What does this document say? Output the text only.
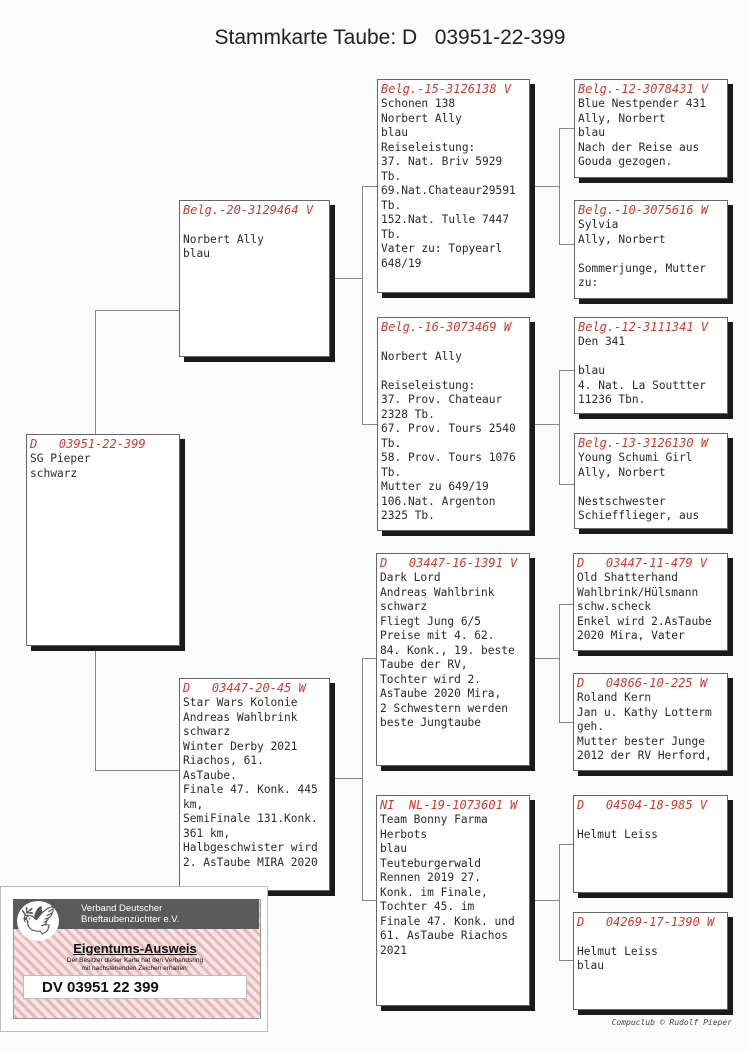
Stammkarte Taube: D   03951-22-399
D   03951-22-399
SG Pieper
schwarz
Belg.-20-3129464 V

Norbert Ally
blau
D   03447-20-45 W
Star Wars Kolonie
Andreas Wahlbrink
schwarz
Winter Derby 2021
Riachos, 61.
AsTaube.
Finale 47. Konk. 445
km,
SemiFinale 131.Konk.
361 km,
Halbgeschwister wird
2. AsTaube MIRA 2020
Belg.-15-3126138 V
Schonen 138
Norbert Ally
blau
Reiseleistung:
37. Nat. Briv 5929
Tb.
69.Nat.Chateaur29591
Tb.
152.Nat. Tulle 7447
Tb.
Vater zu: Topyearl
648/19
Belg.-16-3073469 W

Norbert Ally

Reiseleistung:
37. Prov. Chateaur
2328 Tb.
67. Prov. Tours 2540
Tb.
58. Prov. Tours 1076
Tb.
Mutter zu 649/19
106.Nat. Argenton
2325 Tb.
D   03447-16-1391 V
Dark Lord
Andreas Wahlbrink
schwarz
Fliegt Jung 6/5
Preise mit 4. 62.
84. Konk., 19. beste
Taube der RV,
Tochter wird 2.
AsTaube 2020 Mira,
2 Schwestern werden
beste Jungtaube
NI  NL-19-1073601 W
Team Bonny Farma
Herbots
blau
Teuteburgerwald
Rennen 2019 27.
Konk. im Finale,
Tochter 45. im
Finale 47. Konk. und
61. AsTaube Riachos
2021
Belg.-12-3078431 V
Blue Nestpender 431
Ally, Norbert
blau
Nach der Reise aus
Gouda gezogen.
Belg.-10-3075616 W
Sylvia
Ally, Norbert

Sommerjunge, Mutter
zu:
Belg.-12-3111341 V
Den 341

blau
4. Nat. La Souttter
11236 Tbn.
Belg.-13-3126130 W
Young Schumi Girl
Ally, Norbert

Nestschwester
Schiefflieger, aus
D   03447-11-479 V
Old Shatterhand
Wahlbrink/Hülsmann
schw.scheck
Enkel wird 2.AsTaube
2020 Mira, Vater
D   04866-10-225 W
Roland Kern
Jan u. Kathy Lotterm
geh.
Mutter bester Junge
2012 der RV Herford,
D   04504-18-985 V

Helmut Leiss
D   04269-17-1390 W

Helmut Leiss
blau
Compuclub © Rudolf Pieper
🕊	Verband Deutscher
Brieftaubenzüchter e.V.
Eigentums-Ausweis
Der Besitzer dieser Karte hat den Verbandsring
mit nachstehenden Zeichen erhalten:
DV 03951 22 399
